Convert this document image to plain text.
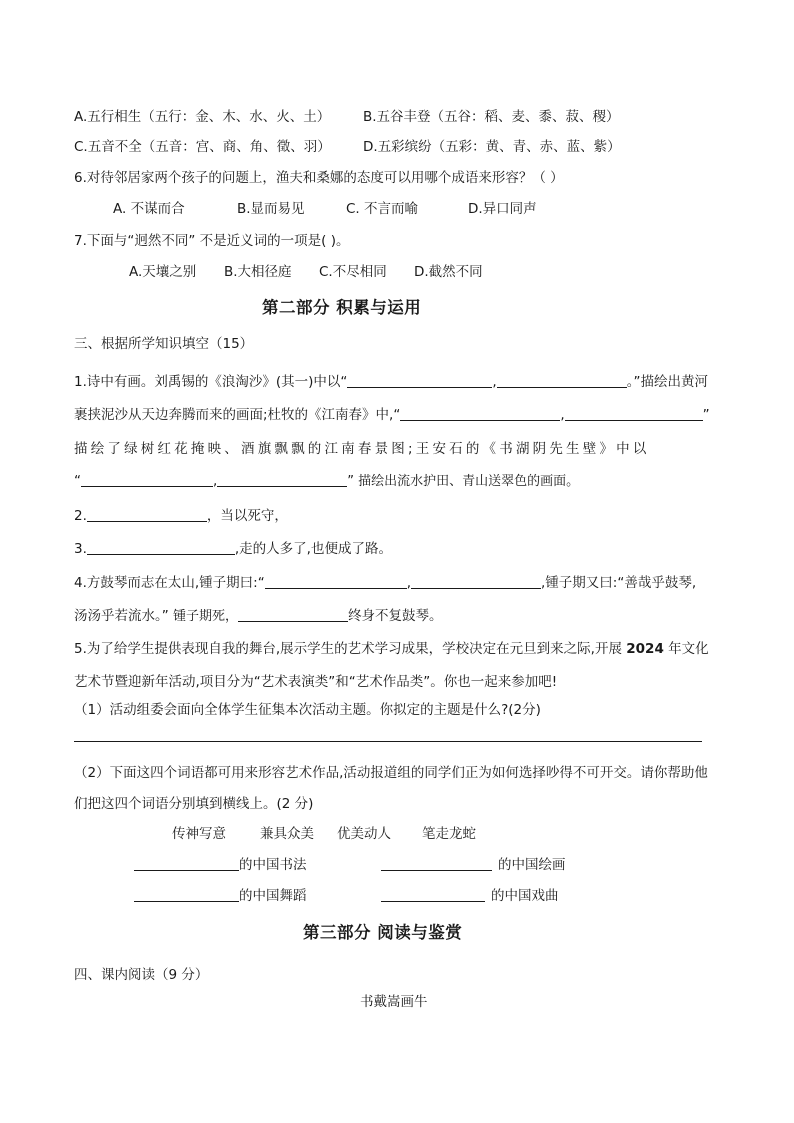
A.五行相生（五行：金、木、水、火、土） B.五谷丰登（五谷：稻、麦、黍、菽、稷）
C.五音不全（五音：宫、商、角、徵、羽） D.五彩缤纷（五彩：黄、青、赤、蓝、紫）
6.对待邻居家两个孩子的问题上，渔夫和桑娜的态度可以用哪个成语来形容？（ ）
A. 不谋而合	B.显而易见	C. 不言而喻	D.异口同声
7.下面与“迥然不同” 不是近义词的一项是( )。
A.天壤之别 B.大相径庭 C.不尽相同 D.截然不同
第二部分 积累与运用
三、根据所学知识填空（15）
1.诗中有画。刘禹锡的《浪淘沙》(其一)中以“	,	。”描绘出黄河
裹挟泥沙从天边奔腾而来的画面;杜牧的《江南春》中,“	,	”
描绘了绿树红花掩映、酒旗飘飘的江南春景图;王安石的《书湖阴先生壁》中以
“	,	” 描绘出流水护田、青山送翠色的画面。
2.	，当以死守，
3.	,走的人多了,也便成了路。
4.方鼓琴而志在太山,锺子期曰:“	,	,锺子期又曰:“善哉乎鼓琴,
汤汤乎若流水。” 锺子期死，	终身不复鼓琴。
5.为了给学生提供表现自我的舞台,展示学生的艺术学习成果，学校决定在元旦到来之际,开展 2024 年文化
艺术节暨迎新年活动,项目分为“艺术表演类”和“艺术作品类”。你也一起来参加吧!
（1）活动组委会面向全体学生征集本次活动主题。你拟定的主题是什么?(2分)
（2）下面这四个词语都可用来形容艺术作品,活动报道组的同学们正为如何选择吵得不可开交。请你帮助他
们把这四个词语分别填到横线上。(2 分)
传神写意	兼具众美 优美动人 笔走龙蛇
的中国书法	的中国绘画
的中国舞蹈	的中国戏曲
第三部分 阅读与鉴赏
四、课内阅读（9 分）
书戴嵩画牛
